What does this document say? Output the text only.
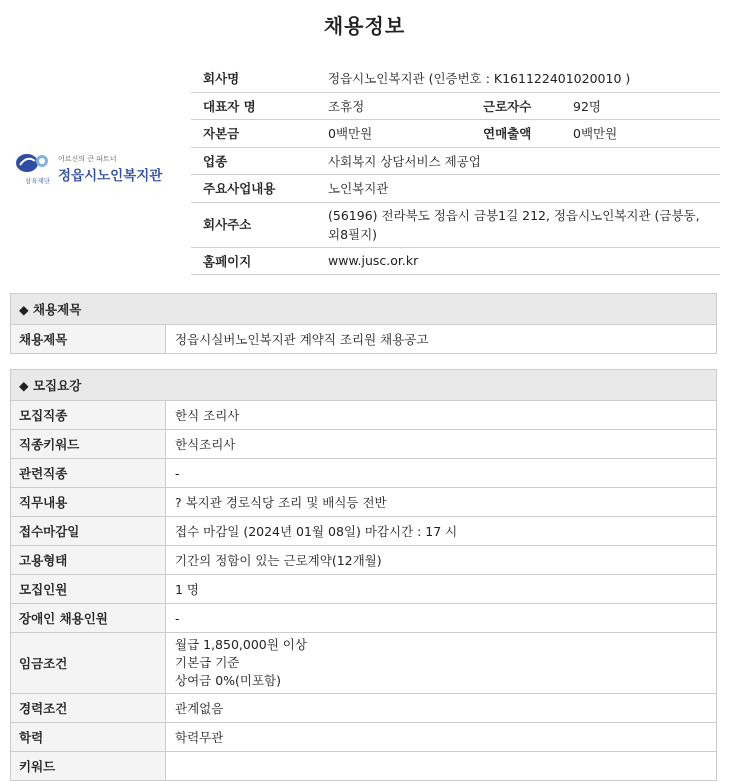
채용정보
어르신의 큰 파트너
정읍시노인복지관
삼육재단
회사명	정읍시노인복지관 (인증번호 : K161122401020010 )		
대표자 명	조휴정	근로자수	92명
자본금	0백만원	연매출액	0백만원
업종	사회복지 상담서비스 제공업		
주요사업내용	노인복지관		
회사주소	(56196) 전라북도 정읍시 금붕1길 212, 정읍시노인복지관 (금붕동, 외8필지)		
홈페이지	www.jusc.or.kr		
◆ 채용제목
채용제목	정읍시실버노인복지관 계약직 조리원 채용공고
◆ 모집요강	
모집직종	한식 조리사
직종키워드	한식조리사
관련직종	-
직무내용	? 복지관 경로식당 조리 및 배식등 전반
접수마감일	접수 마감일 (2024년 01월 08일) 마감시간 : 17 시
고용형태	기간의 정함이 있는 근로계약(12개월)
모집인원	1 명
장애인 채용인원	-
임금조건	월급 1,850,000원 이상
기본급 기준
상여금 0%(미포함)

경력조건	관계없음
학력	학력무관
키워드	
